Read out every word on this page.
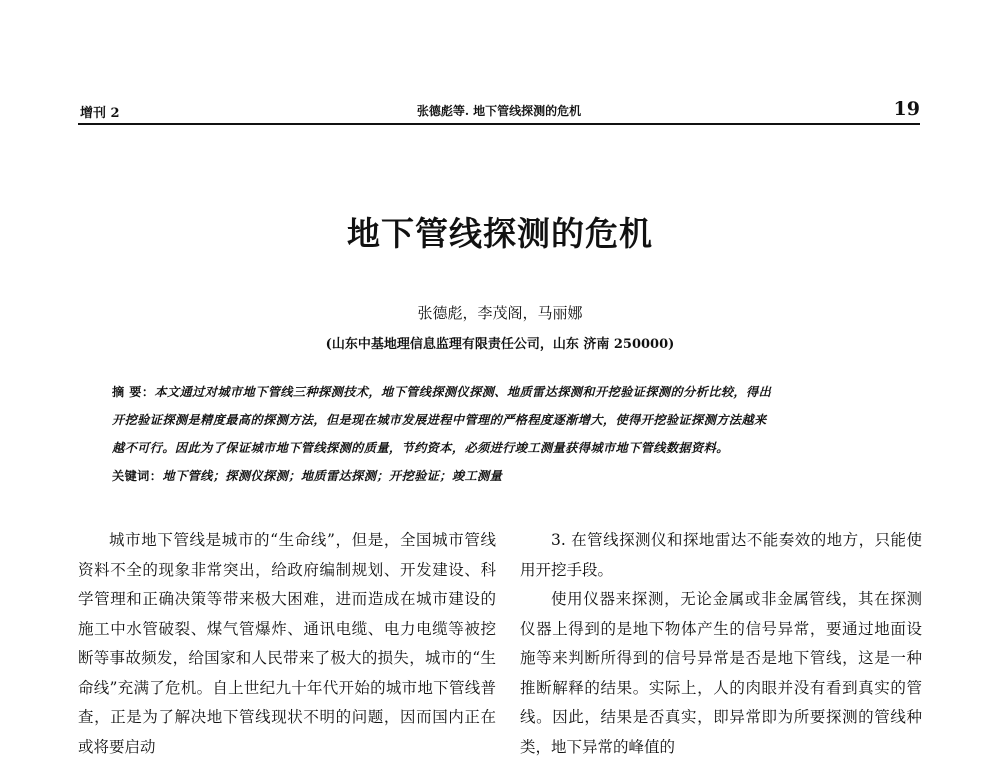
增刊 2	张德彪等. 地下管线探测的危机	19
地下管线探测的危机
张德彪，李茂阁，马丽娜
(山东中基地理信息监理有限责任公司，山东 济南 250000)

摘 要：本文通过对城市地下管线三种探测技术，地下管线探测仪探测、地质雷达探测和开挖验证探测的分析比较，得出

开挖验证探测是精度最高的探测方法，但是现在城市发展进程中管理的严格程度逐渐增大，使得开挖验证探测方法越来

越不可行。因此为了保证城市地下管线探测的质量，节约资本，必须进行竣工测量获得城市地下管线数据资料。

关键词：地下管线；探测仪探测；地质雷达探测；开挖验证；竣工测量

城市地下管线是城市的“生命线”，但是，全国城市管线资料不全的现象非常突出，给政府编制规划、开发建设、科学管理和正确决策等带来极大困难，进而造成在城市建设的施工中水管破裂、煤气管爆炸、通讯电缆、电力电缆等被挖断等事故频发，给国家和人民带来了极大的损失，城市的“生命线”充满了危机。自上世纪九十年代开始的城市地下管线普查，正是为了解决地下管线现状不明的问题，因而国内正在或将要启动

3. 在管线探测仪和探地雷达不能奏效的地方，只能使用开挖手段。

使用仪器来探测，无论金属或非金属管线，其在探测仪器上得到的是地下物体产生的信号异常，要通过地面设施等来判断所得到的信号异常是否是地下管线，这是一种推断解释的结果。实际上，人的肉眼并没有看到真实的管线。因此，结果是否真实，即异常即为所要探测的管线种类，地下异常的峰值的
